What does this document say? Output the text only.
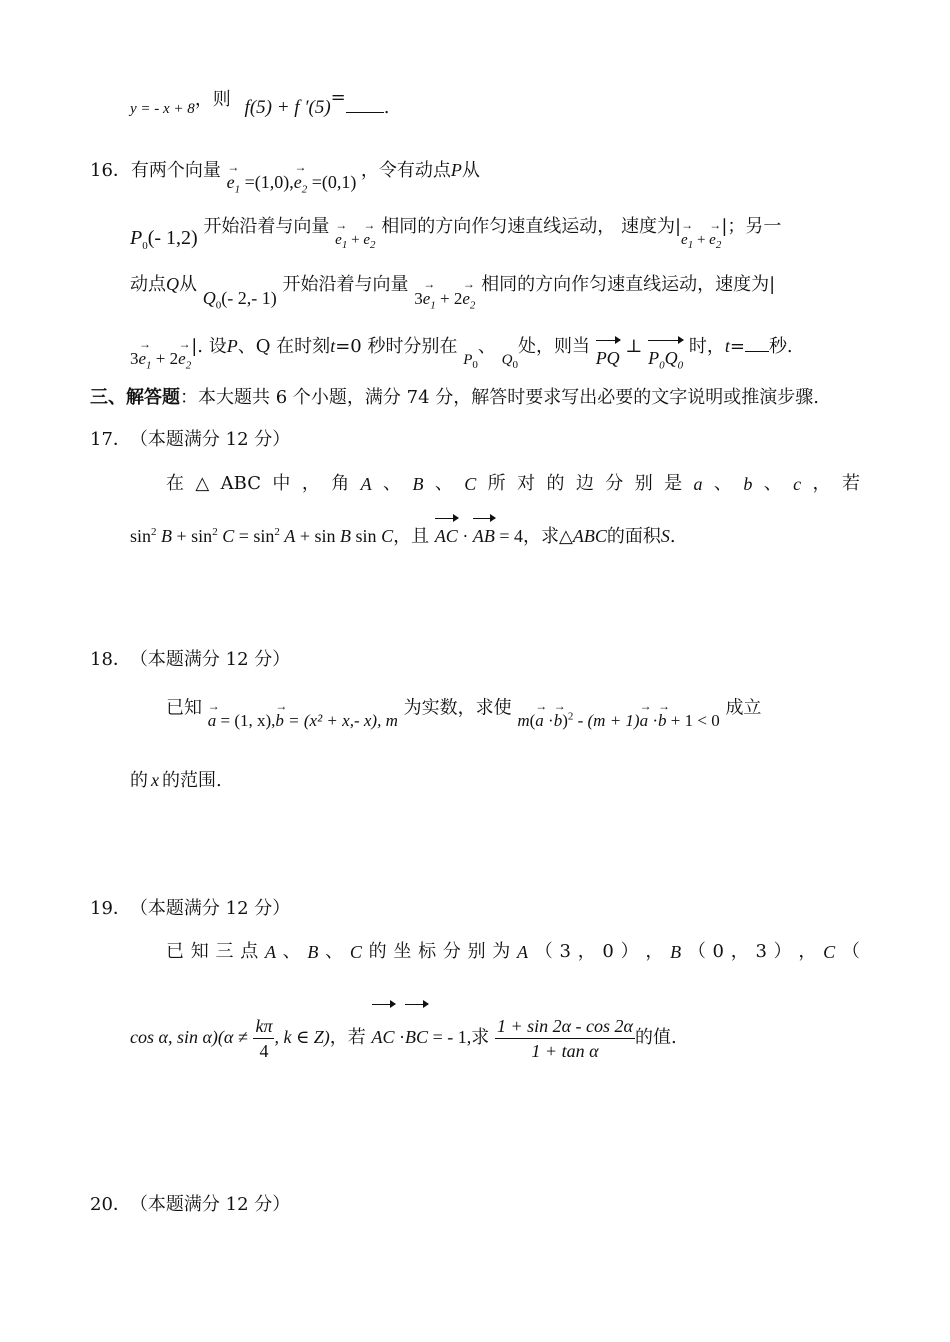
y = - x + 8，则 f(5) + f ′(5)= .
16．有两个向量 → $e_1 =(1,0),\to e_2 =(0,1)$ ，令有动点P从
$P_0(-$ 1,2) 开始沿着与向量 → $_{e_1 + \to e_2}$ 相同的方向作匀速直线运动， 速度为|→ $_{e_1 + \to e_2}$|；另一
动点Q从 $Q_0(-$ 2,- 1) 开始沿着与向量 $3\to e_1 + 2\to e_2$ 相同的方向作匀速直线运动，速度为|
$3\to e_1 + 2\to e_2|$. 设P、Q 在时刻t=0 秒时分别在 $_{P_0}$、 $_{Q_0}$处，则当 PQ ⊥ $P_0Q_0$ 时，t= 秒.
三、解答题：本大题共 6 个小题，满分 74 分，解答时要求写出必要的文字说明或推演步骤.
17． （本题满分 12 分）
在 △ ABC 中 ， 角 A 、 B 、 C 所 对 的 边 分 别 是 a 、 b 、 c ， 若
$\sin^2 B + \sin^2 C = \sin^2 A + \sin B$ sin C，且 AC · AB = 4，求△ABC的面积S.
18． （本题满分 12 分）
已知 → a = (1, x),→ b = (x² + x,- x), m 为实数，求使 $m(\to a \cdot\to b)^2 - (m + 1)\to a \cdot\to b + 1 < 0$ 成立
的 x 的范围.
19． （本题满分 12 分）
已 知 三 点 A 、 B 、 C 的 坐 标 分 别 为 A （ 3 ， 0 ） ， B （ 0 ， 3 ） ， C （
cos α, $\sin \alpha)(\alpha \ne \frac{k\pi}{4}$ , k ∈ Z)，若 AC ·BC = - 1,求 $\frac{1 + \sin 2\alpha - \cos 2\alpha}{\text{1 + tan α}}$ 的值.
20． （本题满分 12 分）
